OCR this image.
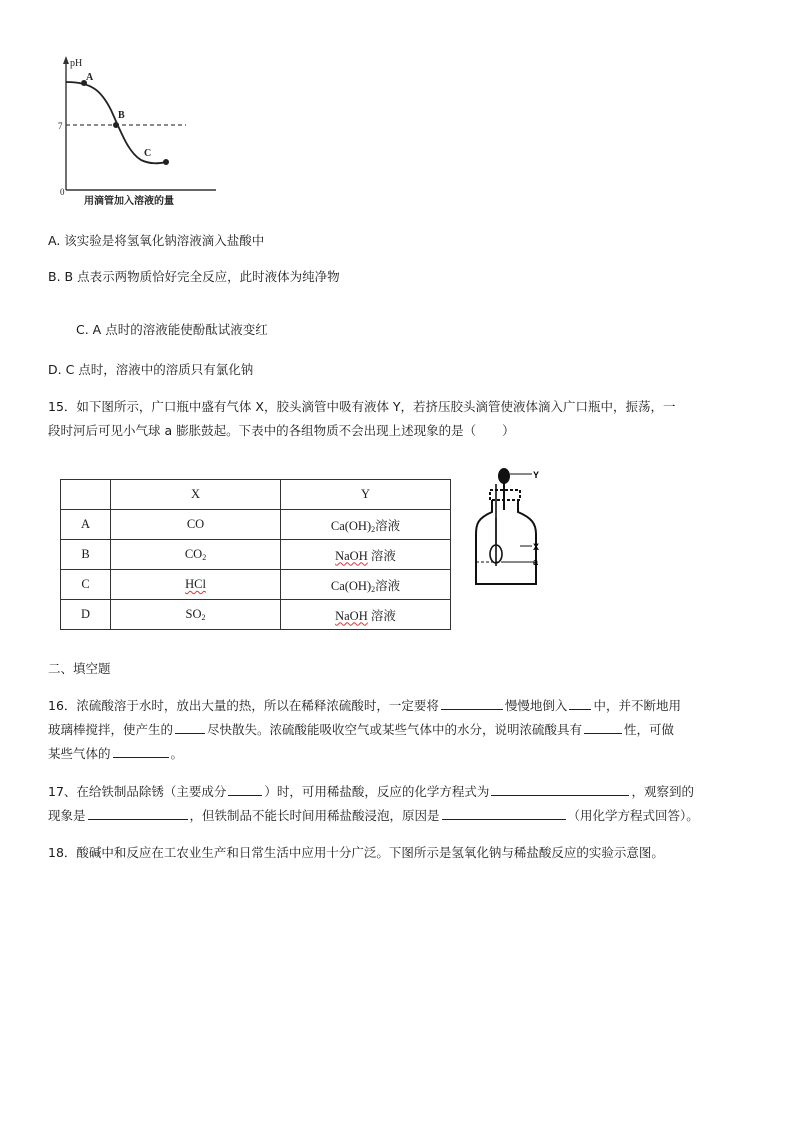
pH
A
B
C
7
0
用滴管加入溶液的量
A. 该实验是将氢氧化钠溶液滴入盐酸中
B. B 点表示两物质恰好完全反应，此时液体为纯净物
C. A 点时的溶液能使酚酞试液变红
D. C 点时，溶液中的溶质只有氯化钠
15．如下图所示，广口瓶中盛有气体 X，胶头滴管中吸有液体 Y，若挤压胶头滴管使液体滴入广口瓶中，振荡，一
段时河后可见小气球 a 膨胀鼓起。下表中的各组物质不会出现上述现象的是（ ）
	X	Y
A	CO	$Ca(OH)_2$溶液
B	$CO_2$	NaOH 溶液
C	HCl	$Ca(OH)_2$溶液
D	$SO_2$	NaOH 溶液
Y
X
a
二、填空题
16．浓硫酸溶于水时，放出大量的热，所以在稀释浓硫酸时，一定要将	慢慢地倒入 中，并不断地用
玻璃棒搅拌，使产生的	尽快散失。浓硫酸能吸收空气或某些气体中的水分，说明浓硫酸具有	性，可做
某些气体的	。
17、在给铁制品除锈（主要成分	）时，可用稀盐酸，反应的化学方程式为	，观察到的
现象是	，但铁制品不能长时间用稀盐酸浸泡，原因是	（用化学方程式回答）。
18．酸碱中和反应在工农业生产和日常生活中应用十分广泛。下图所示是氢氧化钠与稀盐酸反应的实验示意图。
